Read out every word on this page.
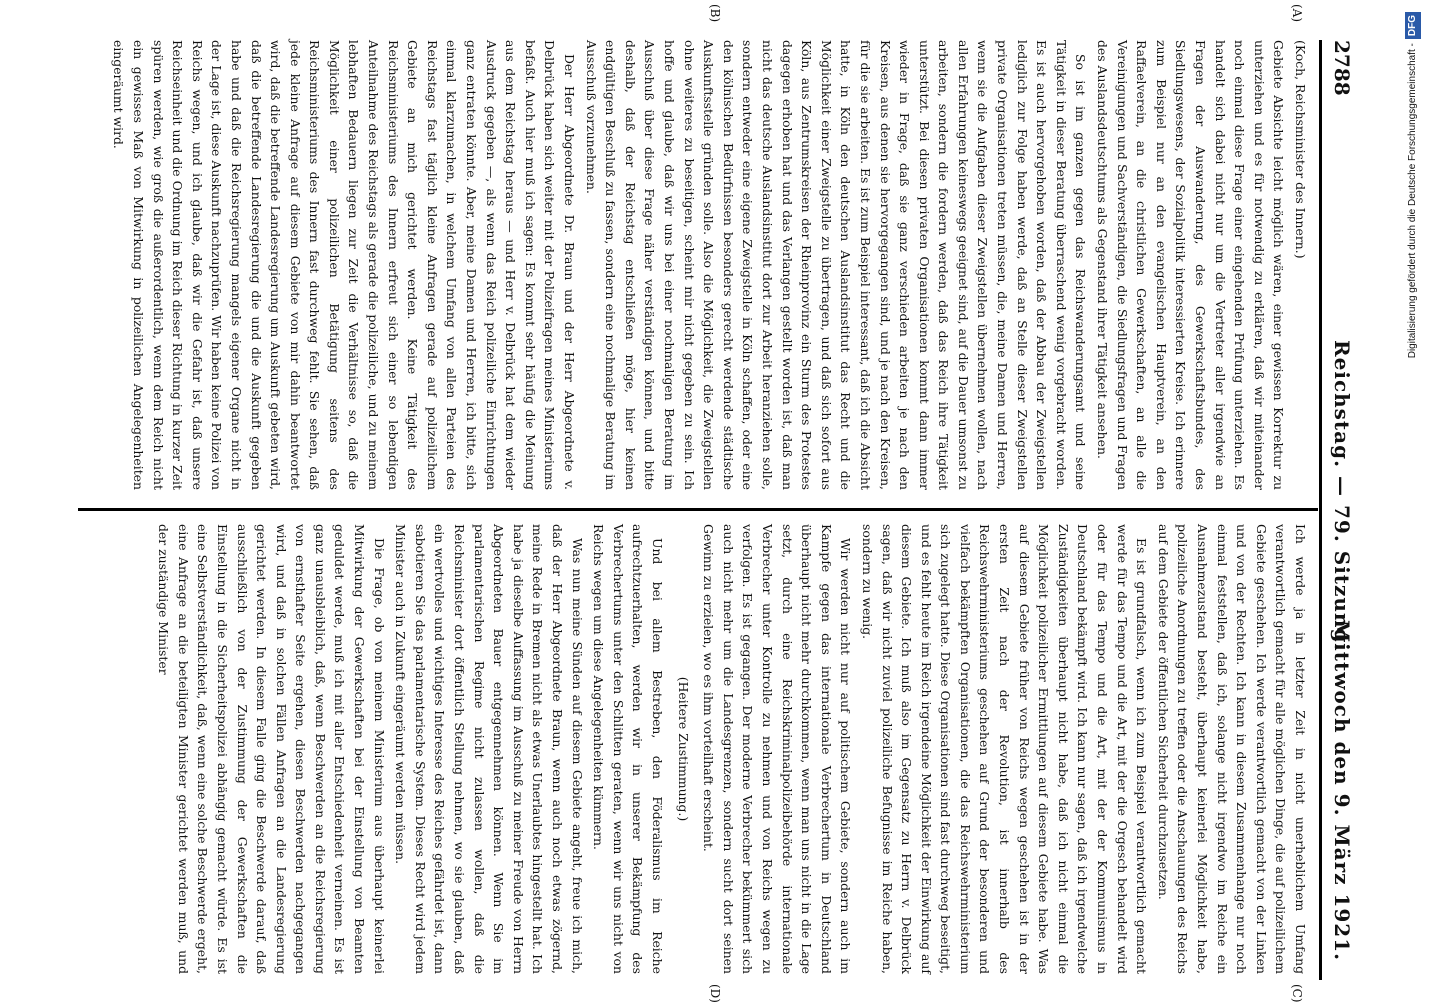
2788
Reichstag. — 79. Sitzung.
Mittwoch den 9. März 1921.
(A)
(B)
(C)
(D)

(Koch, Reichsminister des Innern.)

Gebiete Absichte leicht möglich wären, einer gewissen Korrektur zu unterziehen und es für notwendig zu erklären, daß wir miteinander noch einmal diese Frage einer eingehenden Prüfung unterziehen. Es handelt sich dabei nicht nur um die Vertreter aller irgendwie an Fragen der Auswanderung, des Gewerkschaftsbundes, des Siedlungswesens, der Sozialpolitik interessierten Kreise. Ich erinnere zum Beispiel nur an den evangelischen Hauptverein, an den Raffaelverein, an die christlichen Gewerkschaften, an alle die Vereinigungen und Sachverständigen, die Siedlungsfragen und Fragen des Auslandsdeutschtums als Gegenstand ihrer Tätigkeit ansehen.

So ist im ganzen gegen das Reichswanderungsamt und seine Tätigkeit in dieser Beratung überraschend wenig vorgebracht worden. Es ist auch hervorgehoben worden, daß der Abbau der Zweigstellen lediglich zur Folge haben werde, daß an Stelle dieser Zweigstellen private Organisationen treten müssen, die, meine Damen und Herren, wenn sie die Aufgaben dieser Zweigstellen übernehmen wollen, nach allen Erfahrungen keineswegs geeignet sind, auf die Dauer umsonst zu arbeiten, sondern die fordern werden, daß das Reich ihre Tätigkeit unterstützt. Bei diesen privaten Organisationen kommt dann immer wieder in Frage, daß sie ganz verschieden arbeiten je nach den Kreisen, aus denen sie hervorgegangen sind, und je nach den Kreisen, für die sie arbeiten. Es ist zum Beispiel interessant, daß ich die Absicht hatte, in Köln den deutschen Auslandsinstitut das Recht und die Möglichkeit einer Zweigstelle zu übertragen, und daß sich sofort aus Köln, aus Zentrumskreisen der Rheinprovinz ein Sturm des Protestes dagegen erhoben hat und das Verlangen gestellt worden ist, daß man nicht das deutsche Auslandsinstitut dort zur Arbeit heranziehen solle, sondern entweder eine eigene Zweigstelle in Köln schaffen, oder eine den kölnischen Bedürfnissen besonders gerecht werdende städtische Auskunftsstelle gründen solle. Also die Möglichkeit, die Zweigstellen ohne weiteres zu beseitigen, scheint mir nicht gegeben zu sein. Ich hoffe und glaube, daß wir uns bei einer nochmaligen Beratung im Ausschuß über diese Frage näher verständigen können, und bitte deshalb, daß der Reichstag entschließen möge, hier keinen endgültigen Beschluß zu fassen, sondern eine nochmalige Beratung im Ausschuß vorzunehmen.

Der Herr Abgeordnete Dr. Braun und der Herr Abgeordnete v. Delbrück haben sich weiter mit der Polizeifragen meines Ministeriums befaßt. Auch hier muß ich sagen: Es kommt sehr häufig die Meinung aus dem Reichstag heraus — und Herr v. Delbrück hat dem wieder Ausdruck gegeben —, als wenn das Reich polizeiliche Einrichtungen ganz entraten könnte. Aber, meine Damen und Herren, ich bitte, sich einmal klarzumachen, in welchem Umfang von allen Parteien des Reichstags fast täglich kleine Anfragen gerade auf polizeilichem Gebiete an mich gerichtet werden. Keine Tätigkeit des Reichsministeriums des Innern erfreut sich einer so lebendigen Anteilnahme des Reichstags als gerade die polizeiliche, und zu meinem lebhaften Bedauern liegen zur Zeit die Verhältnisse so, daß die Möglichkeit einer polizeilichen Betätigung seitens des Reichsministeriums des Innern fast durchweg fehlt. Sie sehen, daß jede kleine Anfrage auf diesem Gebiete von mir dahin beantwortet wird, daß die betreffende Landesregierung um Auskunft gebeten wird, daß die betreffende Landesregierung die und die Auskunft gegeben habe und daß die Reichsregierung mangels eigener Organe nicht in der Lage ist, diese Auskunft nachzuprüfen. Wir haben keine Polizei von Reichs wegen, und ich glaube, daß wir die Gefahr ist, daß unsere Reichseinheit und die Ordnung im Reich dieser Richtung in kurzer Zeit spüren werden, wie groß die außerordentlich, wenn dem Reich nicht ein gewisses Maß von Mitwirkung in polizeilichen Angelegenheiten eingeräumt wird.

Ich werde ja in letzter Zeit in nicht unerheblichem Umfang verantwortlich gemacht für alle möglichen Dinge, die auf polizeilichem Gebiete geschehen. Ich werde verantwortlich gemacht von der Linken und von der Rechten. Ich kann in diesem Zusammenhange nur noch einmal feststellen, daß ich, solange nicht irgendwo im Reiche ein Ausnahmezustand besteht, überhaupt keinerlei Möglichkeit habe, polizeiliche Anordnungen zu treffen oder die Anschauungen des Reichs auf dem Gebiete der öffentlichen Sicherheit durchzusetzen.

Es ist grundfalsch, wenn ich zum Beispiel verantwortlich gemacht werde für das Tempo und die Art, mit der die Orgesch behandelt wird oder für das Tempo und die Art, mit der der Kommunismus in Deutschland bekämpft wird. Ich kann nur sagen, daß ich irgendwelche Zuständigkeiten überhaupt nicht habe, daß ich nicht einmal die Möglichkeit polizeilicher Ermittlungen auf diesem Gebiete habe. Was auf diesem Gebiete früher von Reichs wegen geschehen ist in der ersten Zeit nach der Revolution, ist innerhalb des Reichswehrministeriums geschehen auf Grund der besonderen und vielfach bekämpften Organisationen, die das Reichswehrministerium sich zugelegt hatte. Diese Organisationen sind fast durchweg beseitigt, und es fehlt heute im Reich irgendeine Möglichkeit der Einwirkung auf diesem Gebiete. Ich muß also im Gegensatz zu Herrn v. Delbrück sagen, daß wir nicht zuviel polizeiliche Befugnisse im Reiche haben, sondern zu wenig.

Wir werden nicht nur auf politischem Gebiete, sondern auch im Kampfe gegen das internationale Verbrechertum in Deutschland überhaupt nicht mehr durchkommen, wenn man uns nicht in die Lage setzt, durch eine Reichskriminalpolizeibehörde internationale Verbrecher unter Kontrolle zu nehmen und von Reichs wegen zu verfolgen. Es ist gegangen. Der moderne Verbrecher bekümmert sich auch nicht mehr um die Landesgrenzen, sondern sucht dort seinen Gewinn zu erzielen, wo es ihm vorteilhaft erscheint.

(Heitere Zustimmung.)

Und bei allem Bestreben, den Föderalismus im Reiche aufrechtzuerhalten, werden wir in unserer Bekämpfung des Verbrechertums unter den Schlitten geraten, wenn wir uns nicht von Reichs wegen um diese Angelegenheiten kümmern.

Was nun meine Sünden auf diesem Gebiete angeht, freue ich mich, daß der Herr Abgeordnete Braun, wenn auch noch etwas zögernd, meine Rede in Bremen nicht als etwas Unerlaubtes hingestellt hat. Ich habe ja dieselbe Auffassung im Ausschuß zu meiner Freude von Herrn Abgeordneten Bauer entgegennehmen können. Wenn Sie im parlamentarischen Regime nicht zulassen wollen, daß die Reichsminister dort öffentlich Stellung nehmen, wo sie glauben, daß ein wertvolles und wichtiges Interesse des Reiches gefährdet ist, dann sabotieren Sie das parlamentarische System. Dieses Recht wird jedem Minister auch in Zukunft eingeräumt werden müssen.

Die Frage, ob von meinem Ministerium aus überhaupt keinerlei Mitwirkung der Gewerkschaften bei der Einstellung von Beamten geduldet werde, muß ich mit aller Entschiedenheit verneinen. Es ist ganz unausbleiblich, daß, wenn Beschwerden an die Reichsregierung von ernsthafter Seite ergehen, diesen Beschwerden nachgegangen wird, und daß in solchen Fällen Anfragen an die Landesregierung gerichtet werden. In diesem Falle ging die Beschwerde darauf, daß ausschließlich von der Zustimmung der Gewerkschaften die Einstellung in die Sicherheitspolizei abhängig gemacht würde. Es ist eine Selbstverständlichkeit, daß, wenn eine solche Beschwerde ergeht, eine Anfrage an die beteiligten Minister gerichtet werden muß, und der zuständige Minister

Digitalisierung gefördert durch die Deutsche Forschungsgemeinschaft -DFG
